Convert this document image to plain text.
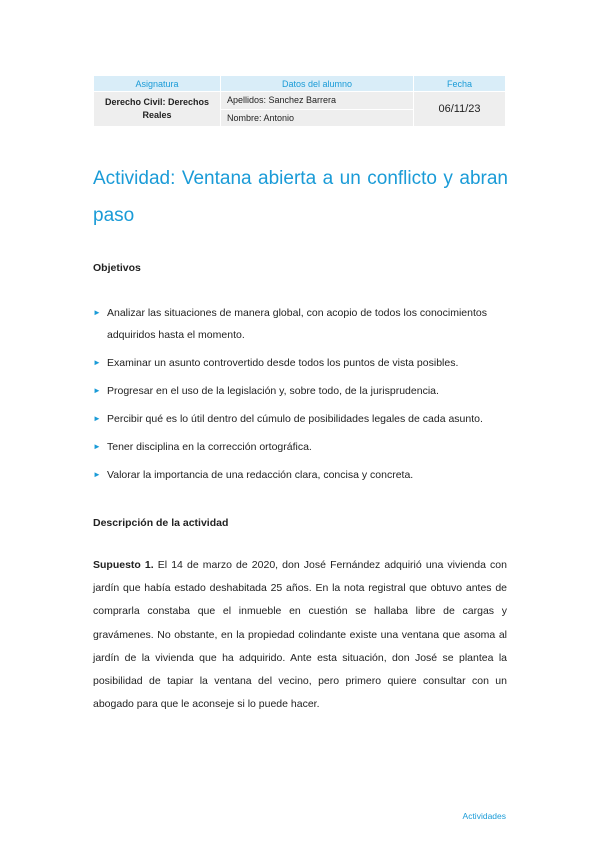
Asignatura	Datos del alumno	Fecha
Derecho Civil: Derechos Reales	Apellidos: Sanchez Barrera	06/11/23
	Nombre: Antonio	
Actividad: Ventana abierta a un conflicto y abran paso
Objetivos
► Analizar las situaciones de manera global, con acopio de todos los conocimientos adquiridos hasta el momento.
► Examinar un asunto controvertido desde todos los puntos de vista posibles.
► Progresar en el uso de la legislación y, sobre todo, de la jurisprudencia.
► Percibir qué es lo útil dentro del cúmulo de posibilidades legales de cada asunto.
► Tener disciplina en la corrección ortográfica.
► Valorar la importancia de una redacción clara, concisa y concreta.
Descripción de la actividad

Supuesto 1. El 14 de marzo de 2020, don José Fernández adquirió una vivienda con jardín que había estado deshabitada 25 años. En la nota registral que obtuvo antes de comprarla constaba que el inmueble en cuestión se hallaba libre de cargas y gravámenes. No obstante, en la propiedad colindante existe una ventana que asoma al jardín de la vivienda que ha adquirido. Ante esta situación, don José se plantea la posibilidad de tapiar la ventana del vecino, pero primero quiere consultar con un abogado para que le aconseje si lo puede hacer.

Actividades
